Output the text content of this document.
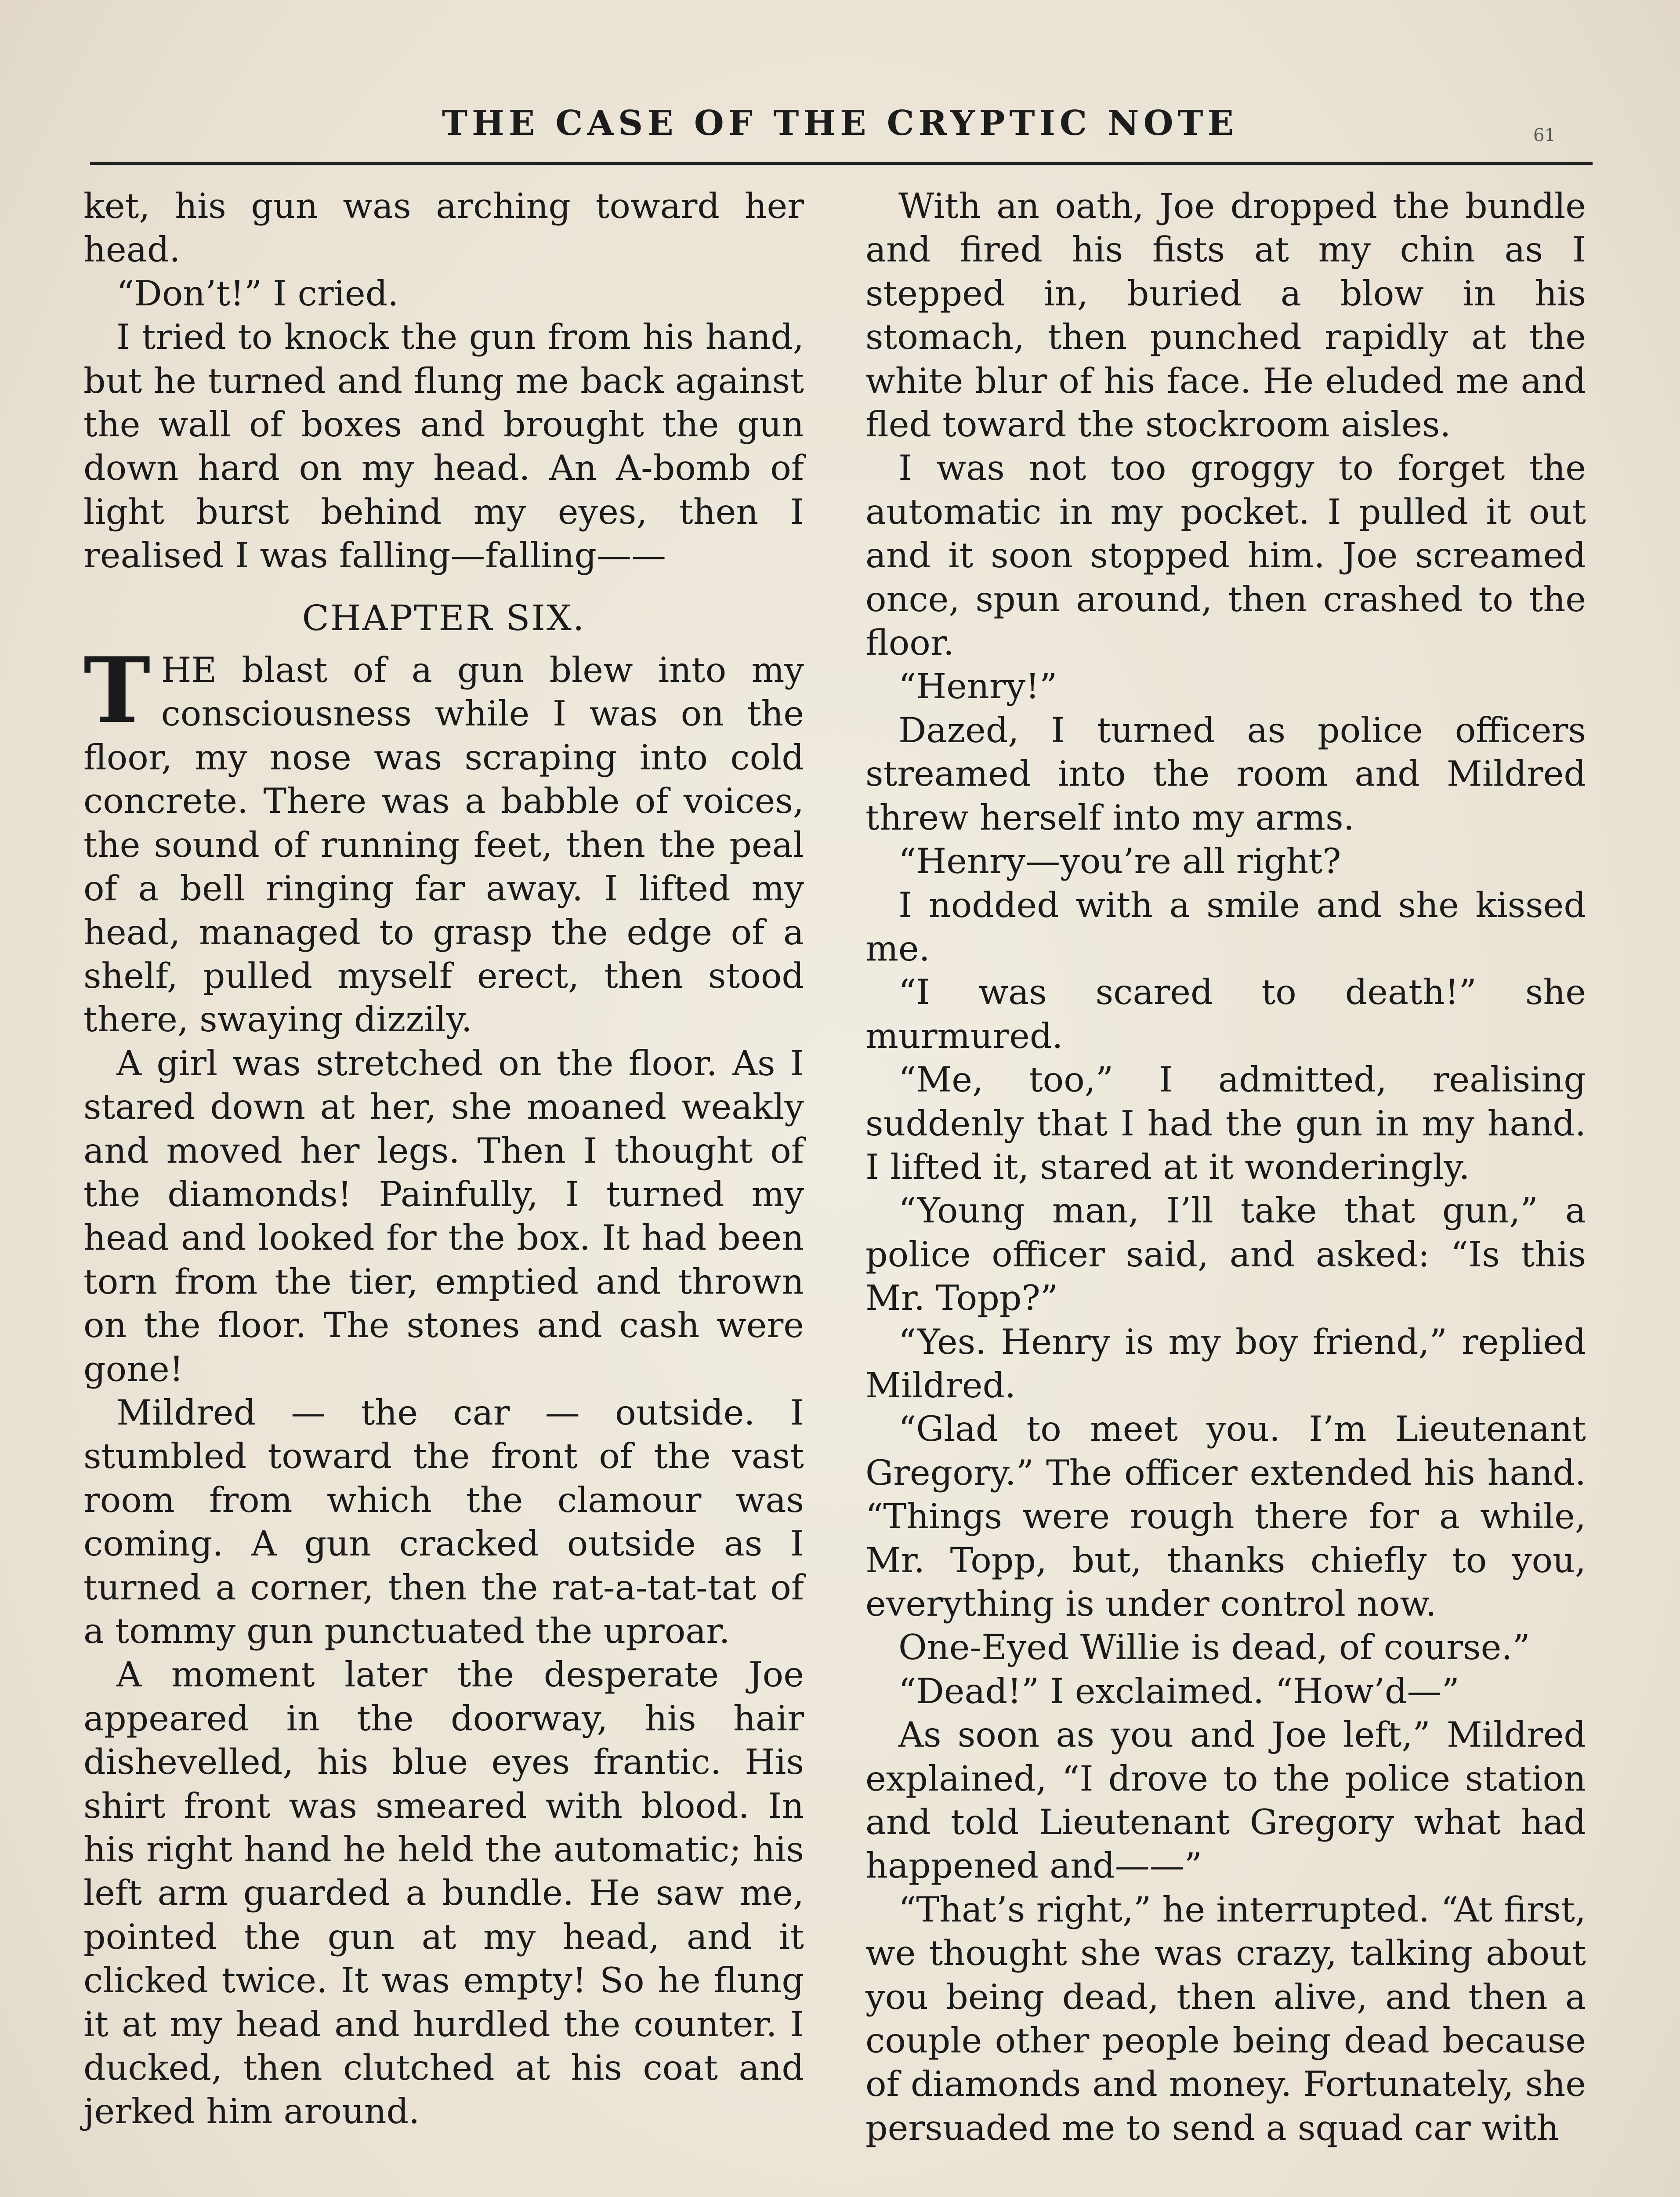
THE CASE OF THE CRYPTIC NOTE	61

ket, his gun was arching toward her head.

“Don’t!” I cried.

I tried to knock the gun from his hand, but he turned and flung me back against the wall of boxes and brought the gun down hard on my head. An A-bomb of light burst behind my eyes, then I realised I was falling—falling——

CHAPTER SIX.

THE blast of a gun blew into my consciousness while I was on the floor, my nose was scraping into cold concrete. There was a babble of voices, the sound of running feet, then the peal of a bell ringing far away. I lifted my head, managed to grasp the edge of a shelf, pulled myself erect, then stood there, swaying dizzily.

A girl was stretched on the floor. As I stared down at her, she moaned weakly and moved her legs. Then I thought of the diamonds! Painfully, I turned my head and looked for the box. It had been torn from the tier, emptied and thrown on the floor. The stones and cash were gone!

Mildred — the car — outside. I stumbled toward the front of the vast room from which the clamour was coming. A gun cracked outside as I turned a corner, then the rat-a-tat-tat of a tommy gun punctuated the uproar.

A moment later the desperate Joe appeared in the doorway, his hair dishevelled, his blue eyes frantic. His shirt front was smeared with blood. In his right hand he held the automatic; his left arm guarded a bundle. He saw me, pointed the gun at my head, and it clicked twice. It was empty! So he flung it at my head and hurdled the counter. I ducked, then clutched at his coat and jerked him around.

With an oath, Joe dropped the bundle and fired his fists at my chin as I stepped in, buried a blow in his stomach, then punched rapidly at the white blur of his face. He eluded me and fled toward the stockroom aisles.

I was not too groggy to forget the automatic in my pocket. I pulled it out and it soon stopped him. Joe screamed once, spun around, then crashed to the floor.

“Henry!”

Dazed, I turned as police officers streamed into the room and Mildred threw herself into my arms.

“Henry—you’re all right?

I nodded with a smile and she kissed me.

“I was scared to death!” she murmured.

“Me, too,” I admitted, realising suddenly that I had the gun in my hand. I lifted it, stared at it wonderingly.

“Young man, I’ll take that gun,” a police officer said, and asked: “Is this Mr. Topp?”

“Yes. Henry is my boy friend,” replied Mildred.

“Glad to meet you. I’m Lieutenant Gregory.” The officer extended his hand. “Things were rough there for a while, Mr. Topp, but, thanks chiefly to you, everything is under control now.

One-Eyed Willie is dead, of course.”

“Dead!” I exclaimed. “How’d—”

As soon as you and Joe left,” Mildred explained, “I drove to the police station and told Lieutenant Gregory what had happened and——”

“That’s right,” he interrupted. “At first, we thought she was crazy, talking about you being dead, then alive, and then a couple other people being dead because of diamonds and money. Fortunately, she persuaded me to send a squad car with
